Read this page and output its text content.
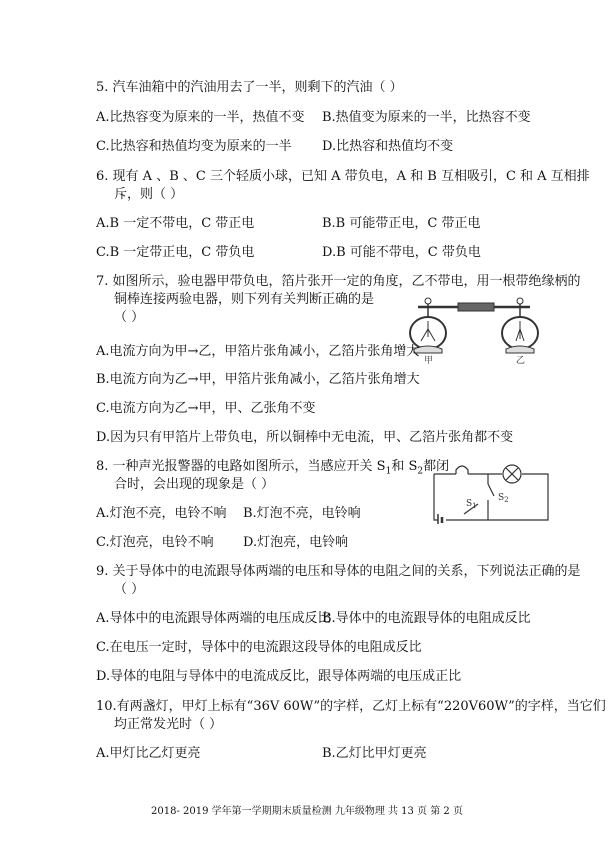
5. 汽车油箱中的汽油用去了一半，则剩下的汽油（ ）
A.比热容变为原来的一半，热值不变 B.热值变为原来的一半，比热容不变
C.比热容和热值均变为原来的一半 D.比热容和热值均不变
6. 现有 A 、B 、C 三个轻质小球，已知 A 带负电，A 和 B 互相吸引，C 和 A 互相排
斥，则（ ）
A.B 一定不带电，C 带正电	B.B 可能带正电，C 带正电
C.B 一定带正电，C 带负电	D.B 可能不带电，C 带负电
7. 如图所示，验电器甲带负电，箔片张开一定的角度，乙不带电，用一根带绝缘柄的
铜棒连接两验电器，则下列有关判断正确的是
（ ）
甲	乙
A.电流方向为甲→乙，甲箔片张角减小，乙箔片张角增大
B.电流方向为乙→甲，甲箔片张角减小，乙箔片张角增大
C.电流方向为乙→甲，甲、乙张角不变
D.因为只有甲箔片上带负电，所以铜棒中无电流，甲、乙箔片张角都不变
8. 一种声光报警器的电路如图所示，当感应开关 $S_1$和 $S_2$都闭
合时，会出现的现象是（ ）
$S_2$
$S_1$
A.灯泡不亮，电铃不响 B.灯泡不亮，电铃响
C.灯泡亮，电铃不响 D.灯泡亮，电铃响
9. 关于导体中的电流跟导体两端的电压和导体的电阻之间的关系，下列说法正确的是
（ ）
A.导体中的电流跟导体两端的电压成反比
B.导体中的电流跟导体的电阻成反比
C.在电压一定时，导体中的电流跟这段导体的电阻成反比
D.导体的电阻与导体中的电流成反比，跟导体两端的电压成正比
10.有两盏灯，甲灯上标有“36V 60W”的字样，乙灯上标有“220V60W”的字样，当它们
均正常发光时（ ）
A.甲灯比乙灯更亮	B.乙灯比甲灯更亮
2018- 2019 学年第一学期期末质量检测 九年级物理 共 13 页 第 2 页
